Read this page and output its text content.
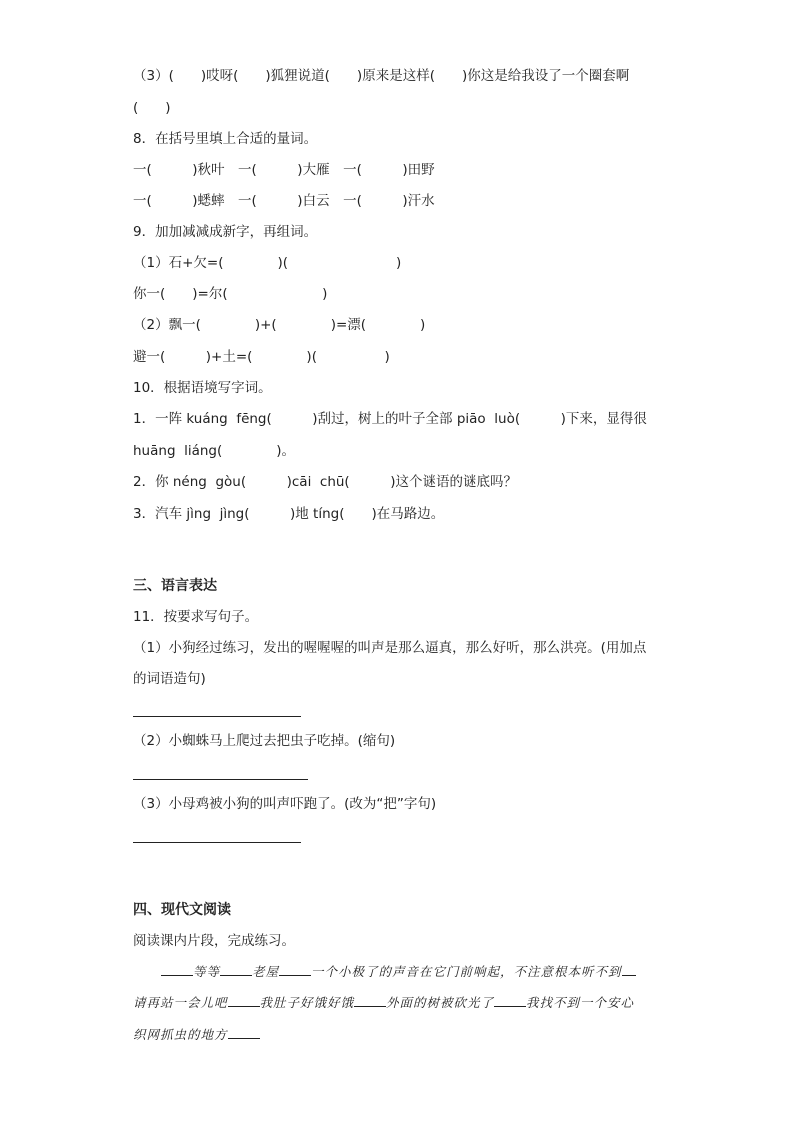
（3）(　　)哎呀(　　)狐狸说道(　　)原来是这样(　　)你这是给我设了一个圈套啊
(　　)
8．在括号里填上合适的量词。
一(　　　)秋叶　一(　　　)大雁　一(　　　)田野
一(　　　)蟋蟀　一(　　　)白云　一(　　　)汗水
9．加加减减成新字，再组词。
（1）石+欠=(　　　　)(　　　　　　　　)
你一(　　)=尔(　　　　　　　)
（2）飘一(　　　　)+(　　　　)=漂(　　　　)
避一(　　　)+土=(　　　　)(　　　　　)
10．根据语境写字词。
1．一阵 kuáng  fēng(　　　)刮过，树上的叶子全部 piāo  luò(　　　)下来，显得很
huāng  liáng(　　　　)。
2．你 néng  gòu(　　　)cāi  chū(　　　)这个谜语的谜底吗？
3．汽车 jìng  jìng(　　　)地 tíng(　　)在马路边。
三、语言表达
11．按要求写句子。
（1）小狗经过练习，发出的喔喔喔的叫声是那么逼真，那么好听，那么洪亮。(用加点
的词语造句)
（2）小蜘蛛马上爬过去把虫子吃掉。(缩句)
（3）小母鸡被小狗的叫声吓跑了。(改为“把”字句)
四、现代文阅读
阅读课内片段，完成练习。
等等	老屋	一个小极了的声音在它门前响起，不注意根本听不到
请再站一会儿吧	我肚子好饿好饿	外面的树被砍光了	我找不到一个安心
织网抓虫的地方
